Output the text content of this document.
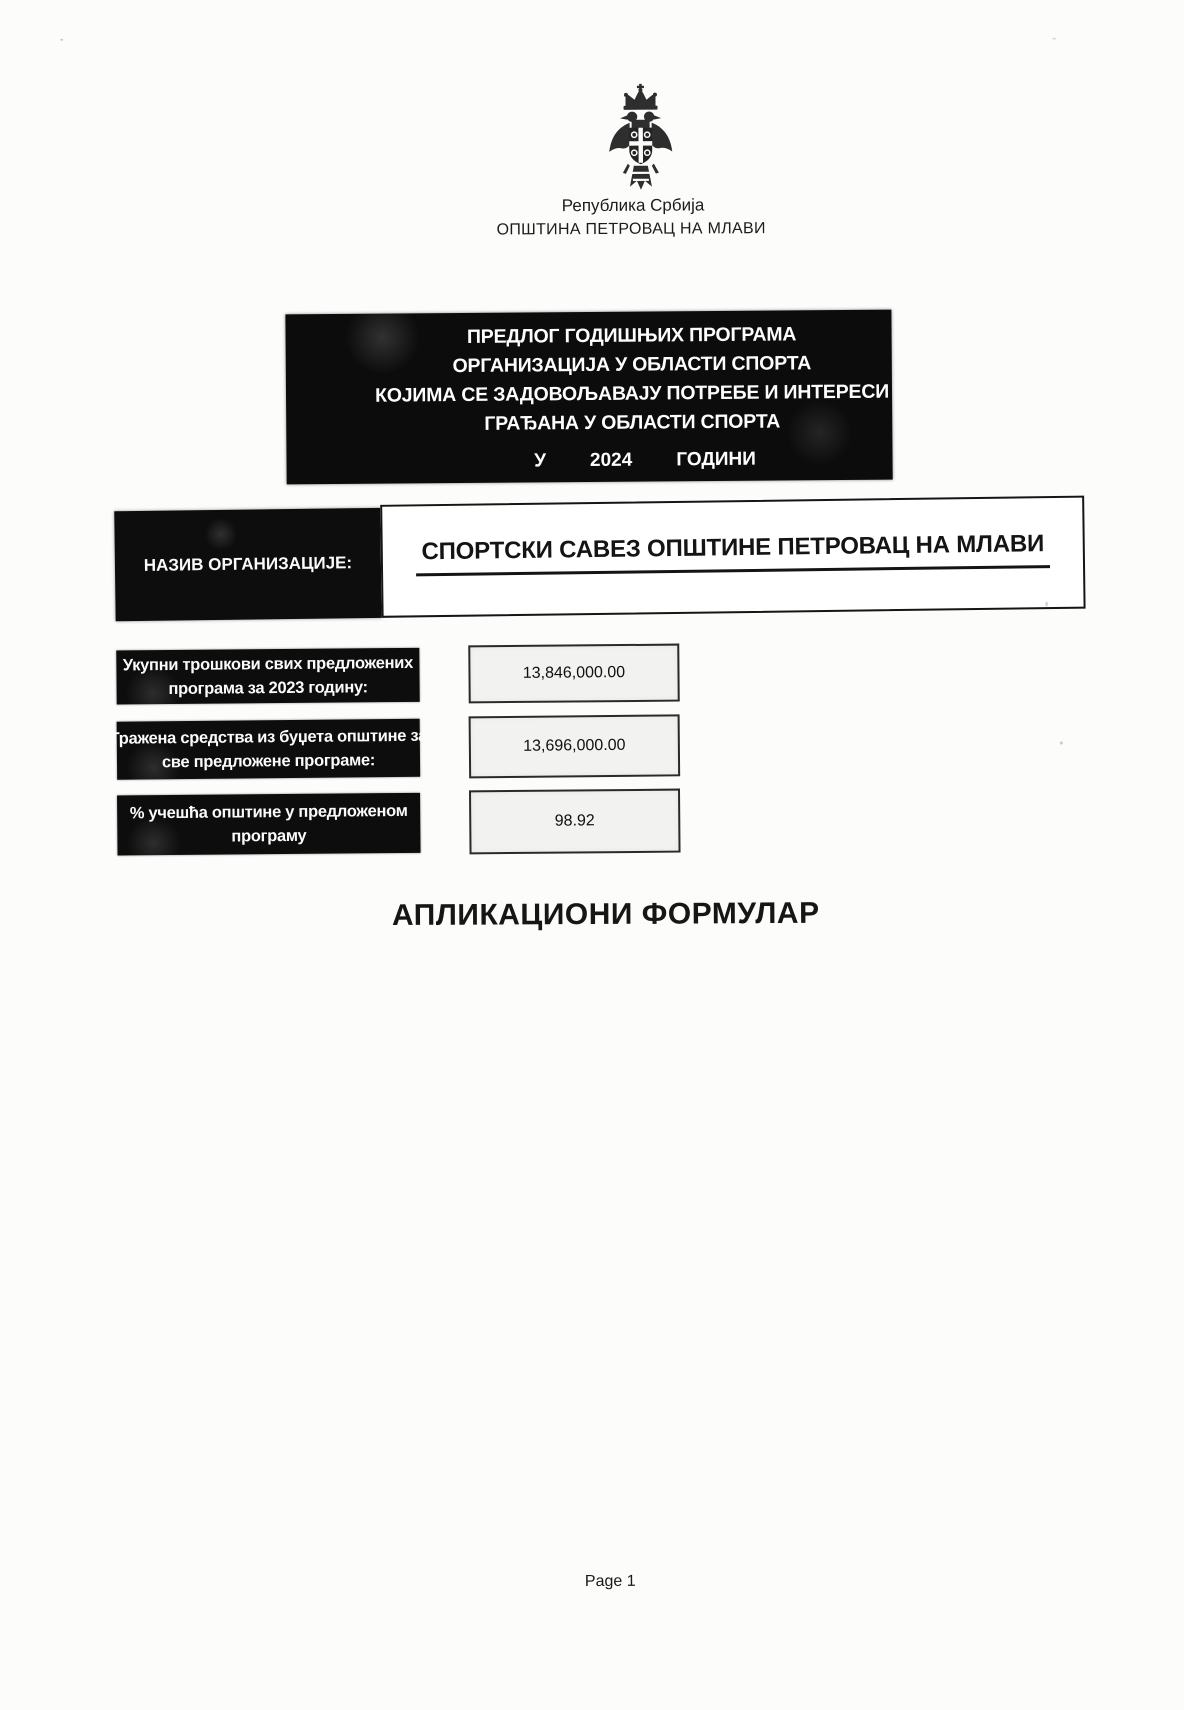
Република Србија
ОПШТИНА ПЕТРОВАЦ НА МЛАВИ
ПРЕДЛОГ ГОДИШЊИХ ПРОГРАМА
ОРГАНИЗАЦИЈА У ОБЛАСТИ СПОРТА
КОЈИМА СЕ ЗАДОВОЉАВАЈУ ПОТРЕБЕ И ИНТЕРЕСИ
ГРАЂАНА У ОБЛАСТИ СПОРТА
У 2024 ГОДИНИ
НАЗИВ ОРГАНИЗАЦИЈЕ:	СПОРТСКИ САВЕЗ ОПШТИНЕ ПЕТРОВАЦ НА МЛАВИ
Укупни трошкови свих предложених
програма за 2023 годину:
13,846,000.00
Тражена средства из буџета општине за
све предложене програме:
13,696,000.00
% учешћа општине у предложеном
програму
98.92
АПЛИКАЦИОНИ ФОРМУЛАР
Page 1
